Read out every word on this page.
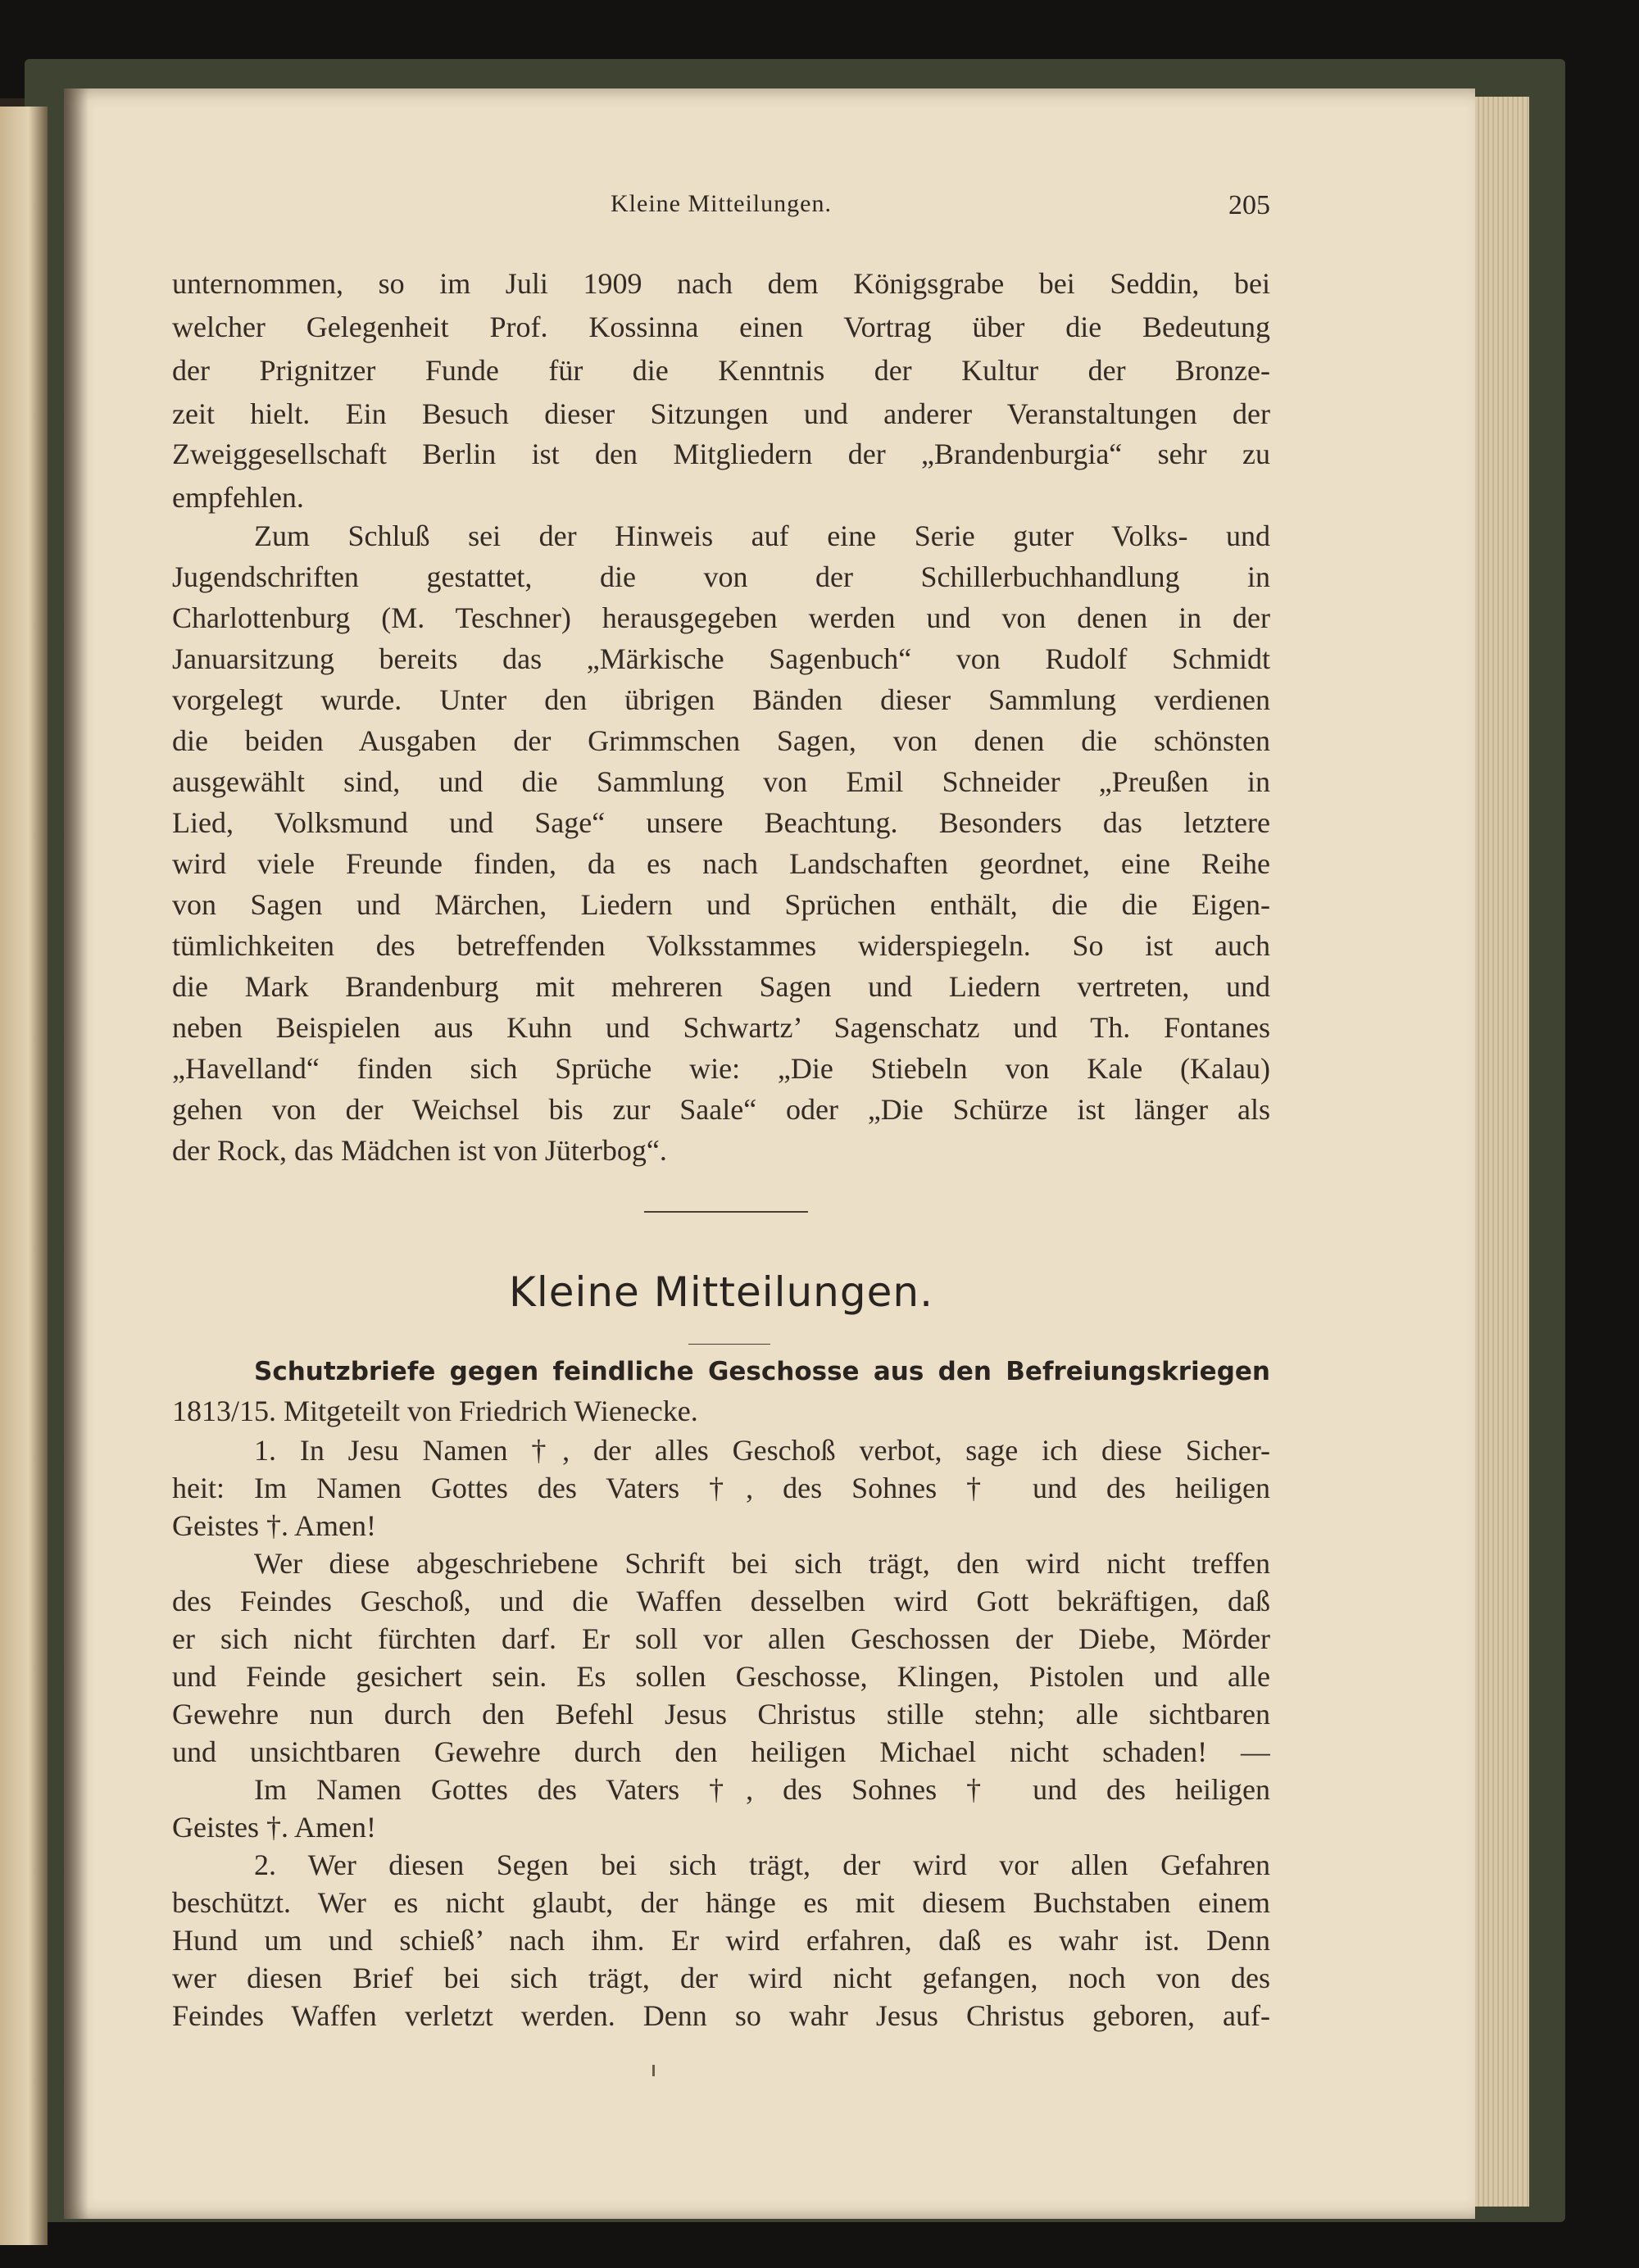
Kleine Mitteilungen.	205
unternommen, so im Juli 1909 nach dem Königsgrabe bei Seddin, bei
welcher Gelegenheit Prof. Kossinna einen Vortrag über die Bedeutung
der Prignitzer Funde für die Kenntnis der Kultur der Bronze-
zeit hielt. Ein Besuch dieser Sitzungen und anderer Veranstaltungen der
Zweiggesellschaft Berlin ist den Mitgliedern der „Brandenburgia“ sehr zu
empfehlen.
Zum Schluß sei der Hinweis auf eine Serie guter Volks- und
Jugendschriften gestattet, die von der Schillerbuchhandlung in
Charlottenburg (M. Teschner) herausgegeben werden und von denen in der
Januarsitzung bereits das „Märkische Sagenbuch“ von Rudolf Schmidt
vorgelegt wurde. Unter den übrigen Bänden dieser Sammlung verdienen
die beiden Ausgaben der Grimmschen Sagen, von denen die schönsten
ausgewählt sind, und die Sammlung von Emil Schneider „Preußen in
Lied, Volksmund und Sage“ unsere Beachtung. Besonders das letztere
wird viele Freunde finden, da es nach Landschaften geordnet, eine Reihe
von Sagen und Märchen, Liedern und Sprüchen enthält, die die Eigen-
tümlichkeiten des betreffenden Volksstammes widerspiegeln. So ist auch
die Mark Brandenburg mit mehreren Sagen und Liedern vertreten, und
neben Beispielen aus Kuhn und Schwartz’ Sagenschatz und Th. Fontanes
„Havelland“ finden sich Sprüche wie: „Die Stiebeln von Kale (Kalau)
gehen von der Weichsel bis zur Saale“ oder „Die Schürze ist länger als
der Rock, das Mädchen ist von Jüterbog“.
Kleine Mitteilungen.
Schutzbriefe gegen feindliche Geschosse aus den Befreiungskriegen
1813/15. Mitgeteilt von Friedrich Wienecke.
1. In Jesu Namen †, der alles Geschoß verbot, sage ich diese Sicher-
heit: Im Namen Gottes des Vaters †, des Sohnes † und des heiligen
Geistes †. Amen!
Wer diese abgeschriebene Schrift bei sich trägt, den wird nicht treffen
des Feindes Geschoß, und die Waffen desselben wird Gott bekräftigen, daß
er sich nicht fürchten darf. Er soll vor allen Geschossen der Diebe, Mörder
und Feinde gesichert sein. Es sollen Geschosse, Klingen, Pistolen und alle
Gewehre nun durch den Befehl Jesus Christus stille stehn; alle sichtbaren
und unsichtbaren Gewehre durch den heiligen Michael nicht schaden! —
Im Namen Gottes des Vaters †, des Sohnes † und des heiligen
Geistes †. Amen!
2. Wer diesen Segen bei sich trägt, der wird vor allen Gefahren
beschützt. Wer es nicht glaubt, der hänge es mit diesem Buchstaben einem
Hund um und schieß’ nach ihm. Er wird erfahren, daß es wahr ist. Denn
wer diesen Brief bei sich trägt, der wird nicht gefangen, noch von des
Feindes Waffen verletzt werden. Denn so wahr Jesus Christus geboren, auf-
